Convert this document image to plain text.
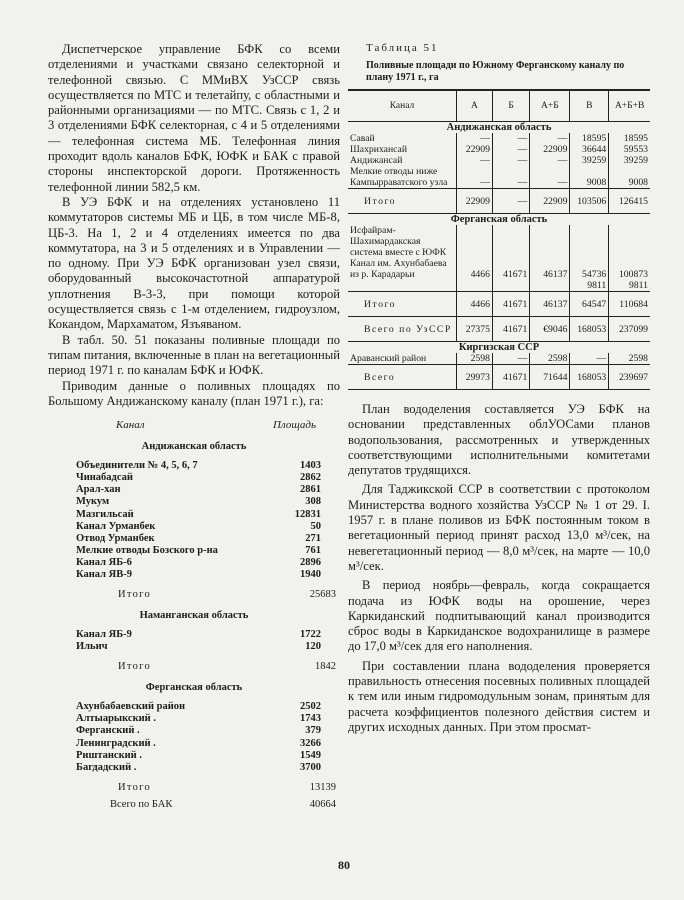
Диспетчерское управление БФК со всеми отделениями и участками связано селекторной и телефонной связью. С ММиВХ УзССР связь осуществляется по МТС и телетайпу, с областными и районными организациями — по МТС. Связь с 1, 2 и 3 отделениями БФК селекторная, с 4 и 5 отделениями — телефонная система МБ. Телефонная линия проходит вдоль каналов БФК, ЮФК и БАК с правой стороны инспекторской дороги. Протяженность телефонной линии 582,5 км.

В УЭ БФК и на отделениях установлено 11 коммутаторов системы МБ и ЦБ, в том числе МБ-8, ЦБ-3. На 1, 2 и 4 отделениях имеется по два коммутатора, на 3 и 5 отделениях и в Управлении — по одному. При УЭ БФК организован узел связи, оборудованный высокочастотной аппаратурой уплотнения В-3-3, при помощи которой осуществляется связь с 1-м отделением, гидроузлом, Кокандом, Мархаматом, Язъяваном.

В табл. 50. 51 показаны поливные площади по типам питания, включенные в план на вегетационный период 1971 г. по каналам БФК и ЮФК.

Приводим данные о поливных площадях по Большому Андижанскому каналу (план 1971 г.), га:

Канал	Площадь
Андижанская область
Объединители № 4, 5, 6, 7	1403
Чинабадсай	2862
Арал-хан	2861
Мукум	308
Мазгильсай	12831
Канал Урманбек	50
Отвод Урманбек	271
Мелкие отводы Бозского р-на	761
Канал ЯБ-6	2896
Канал ЯВ-9	1940
Итого	25683
Наманганская область
Канал ЯБ-9	1722
Ильич	120
Итого	1842
Ферганская область
Ахунбабаевский район	2502
Алтыарыкский .	1743
Ферганский .	379
Ленинградский .	3266
Риштанский .	1549
Багдадский .	3700
Итого	13139
Всего по БАК	40664
Таблица 51
Поливные площади по Южному Ферганскому каналу по плану 1971 г., га
Канал	А	Б	А+Б	В	А+Б+В
Андижанская область					
Савай	—	—	—	18595	18595
Шахрихансай	22909	—	22909	36644	59553
Андижансай	—	—	—	39259	39259
Мелкие отводы ниже Кампырраватского узла	—	—	—	9008	9008
Итого	22909	—	22909	103506	126415
Ферганская область					
Исфайрам-Шахимардакская система вместе с ЮФК Канал им. Ахунбабаева из р. Карадарьи	4466	41671	46137	54736	100873
				9811	9811
Итого	4466	41671	46137	64547	110684
Всего по УзССР	27375	41671	€9046	168053	237099
Киргизская ССР					
Араванский район	2598	—	2598	—	2598
Всего	29973	41671	71644	168053	239697

План вододеления составляется УЭ БФК на основании представленных облУОСами планов водопользования, рассмотренных и утвержденных соответствующими исполнительными комитетами депутатов трудящихся.

Для Таджикской ССР в соответствии с протоколом Министерства водного хозяйства УзССР № 1 от 29. I. 1957 г. в плане поливов из БФК постоянным током в вегетационный период принят расход 13,0 м³/сек, на невегетационный период — 8,0 м³/сек, на марте — 10,0 м³/сек.

В период ноябрь—февраль, когда сокращается подача из ЮФК воды на орошение, через Каркиданский подпитывающий канал производится сброс воды в Каркиданское водохранилище в размере до 17,0 м³/сек для его наполнения.

При составлении плана вододеления проверяется правильность отнесения посевных поливных площадей к тем или иным гидромодульным зонам, принятым для расчета коэффициентов полезного действия систем и других исходных данных. При этом просмат-

80
